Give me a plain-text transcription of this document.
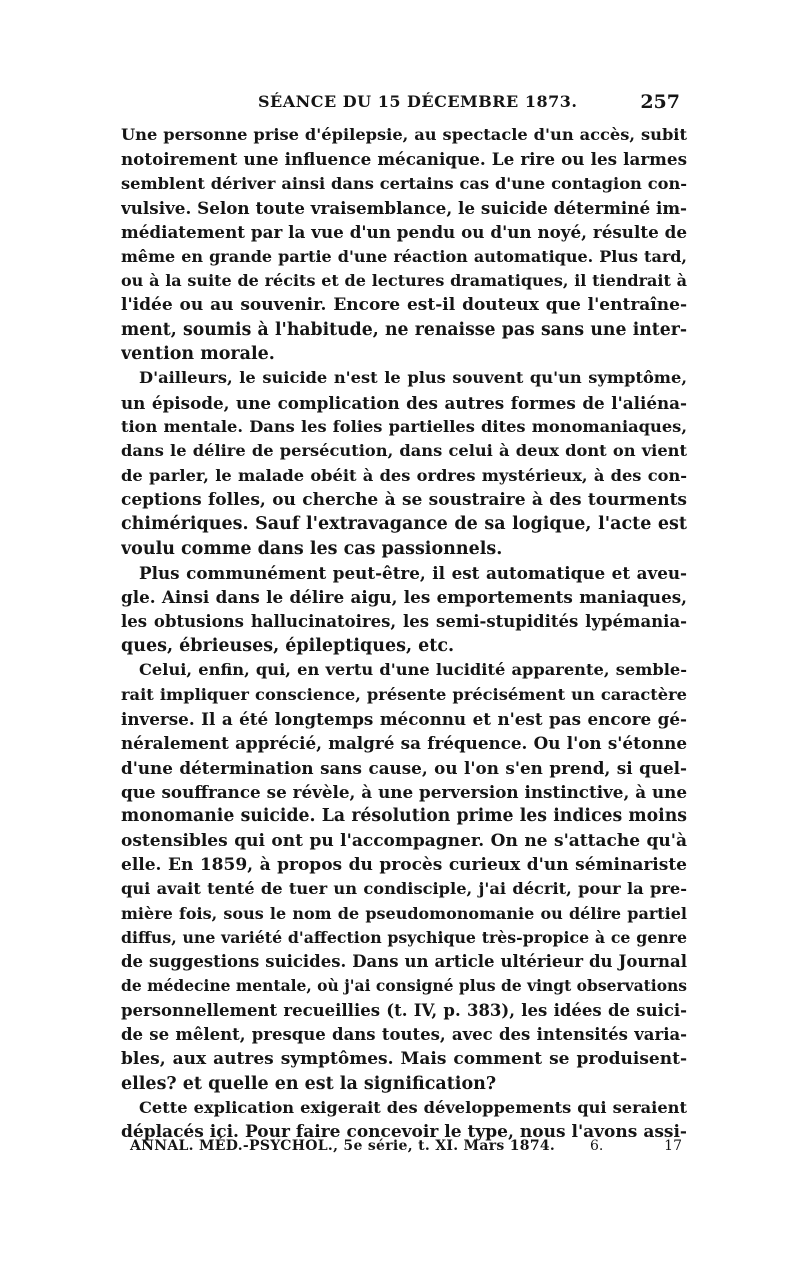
SÉANCE DU 15 DÉCEMBRE 1873.	257
Une personne prise d'épilepsie, au spectacle d'un accès, subit
notoirement une influence mécanique. Le rire ou les larmes
semblent dériver ainsi dans certains cas d'une contagion con-
vulsive. Selon toute vraisemblance, le suicide déterminé im-
médiatement par la vue d'un pendu ou d'un noyé, résulte de
même en grande partie d'une réaction automatique. Plus tard,
ou à la suite de récits et de lectures dramatiques, il tiendrait à
l'idée ou au souvenir. Encore est-il douteux que l'entraîne-
ment, soumis à l'habitude, ne renaisse pas sans une inter-
vention morale.
D'ailleurs, le suicide n'est le plus souvent qu'un symptôme,
un épisode, une complication des autres formes de l'aliéna-
tion mentale. Dans les folies partielles dites monomaniaques,
dans le délire de persécution, dans celui à deux dont on vient
de parler, le malade obéit à des ordres mystérieux, à des con-
ceptions folles, ou cherche à se soustraire à des tourments
chimériques. Sauf l'extravagance de sa logique, l'acte est
voulu comme dans les cas passionnels.
Plus communément peut-être, il est automatique et aveu-
gle. Ainsi dans le délire aigu, les emportements maniaques,
les obtusions hallucinatoires, les semi-stupidités lypémania-
ques, ébrieuses, épileptiques, etc.
Celui, enfin, qui, en vertu d'une lucidité apparente, semble-
rait impliquer conscience, présente précisément un caractère
inverse. Il a été longtemps méconnu et n'est pas encore gé-
néralement apprécié, malgré sa fréquence. Ou l'on s'étonne
d'une détermination sans cause, ou l'on s'en prend, si quel-
que souffrance se révèle, à une perversion instinctive, à une
monomanie suicide. La résolution prime les indices moins
ostensibles qui ont pu l'accompagner. On ne s'attache qu'à
elle. En 1859, à propos du procès curieux d'un séminariste
qui avait tenté de tuer un condisciple, j'ai décrit, pour la pre-
mière fois, sous le nom de pseudomonomanie ou délire partiel
diffus, une variété d'affection psychique très-propice à ce genre
de suggestions suicides. Dans un article ultérieur du Journal
de médecine mentale, où j'ai consigné plus de vingt observations
personnellement recueillies (t. IV, p. 383), les idées de suici-
de se mêlent, presque dans toutes, avec des intensités varia-
bles, aux autres symptômes. Mais comment se produisent-
elles? et quelle en est la signification?
Cette explication exigerait des développements qui seraient
déplacés ici. Pour faire concevoir le type, nous l'avons assi-
ANNAL. MÉD.-PSYCHOL., 5e série, t. XI. Mars 1874. 6.	17
